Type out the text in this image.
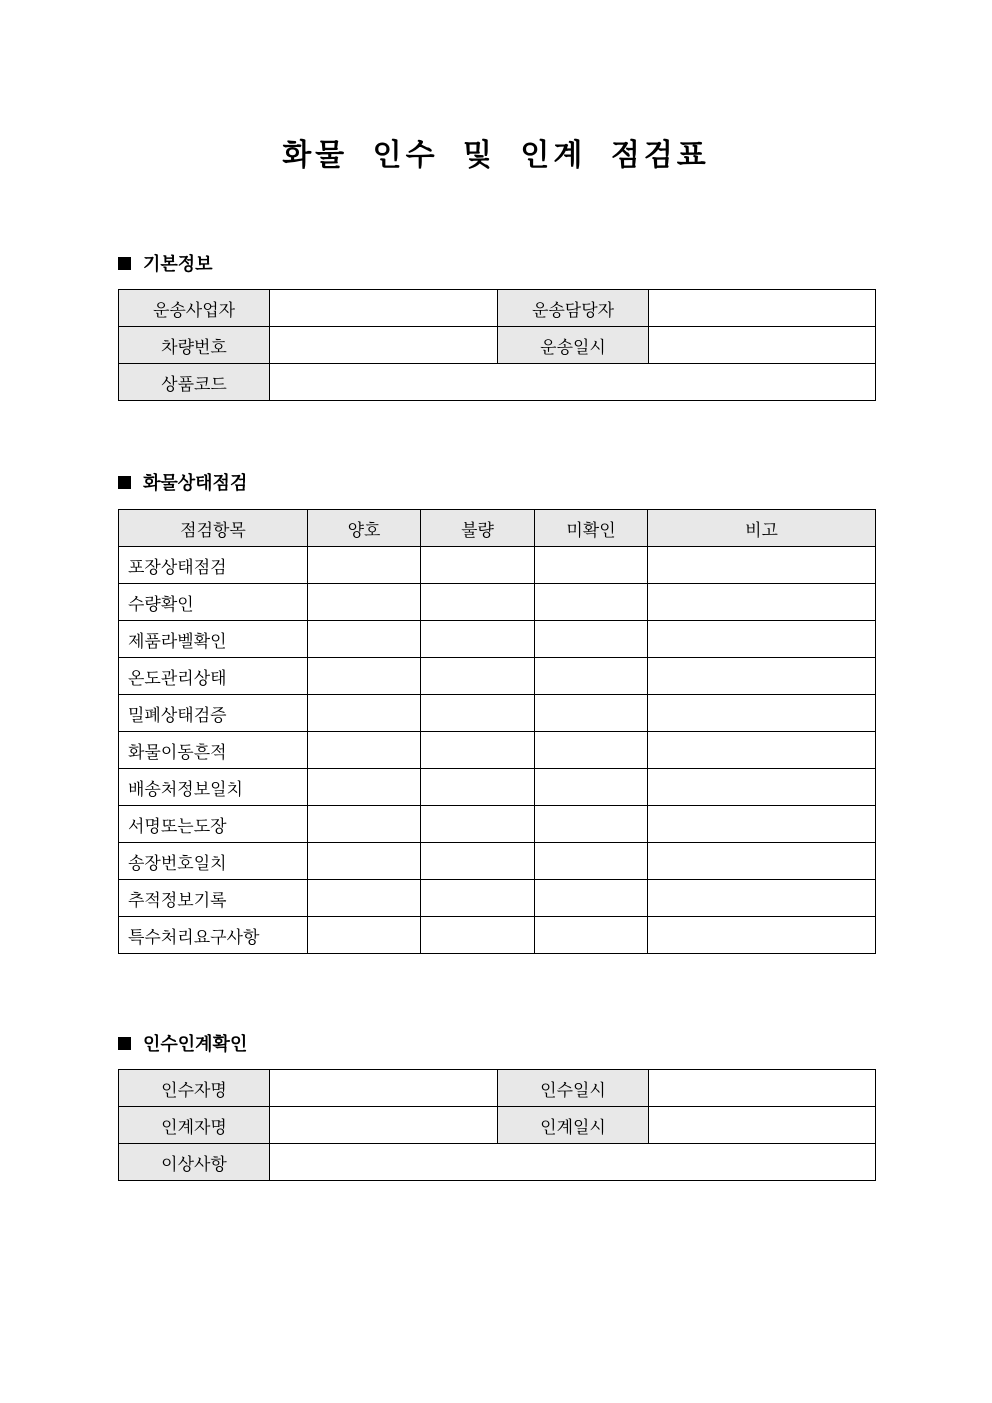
화물 인수 및 인계 점검표
기본정보
운송사업자		운송담당자	
차량번호		운송일시	
상품코드			
화물상태점검
점검항목	양호	불량	미확인	비고
포장상태점검				
수량확인				
제품라벨확인				
온도관리상태				
밀폐상태검증				
화물이동흔적				
배송처정보일치				
서명또는도장				
송장번호일치				
추적정보기록				
특수처리요구사항				
인수인계확인
인수자명		인수일시	
인계자명		인계일시	
이상사항			
